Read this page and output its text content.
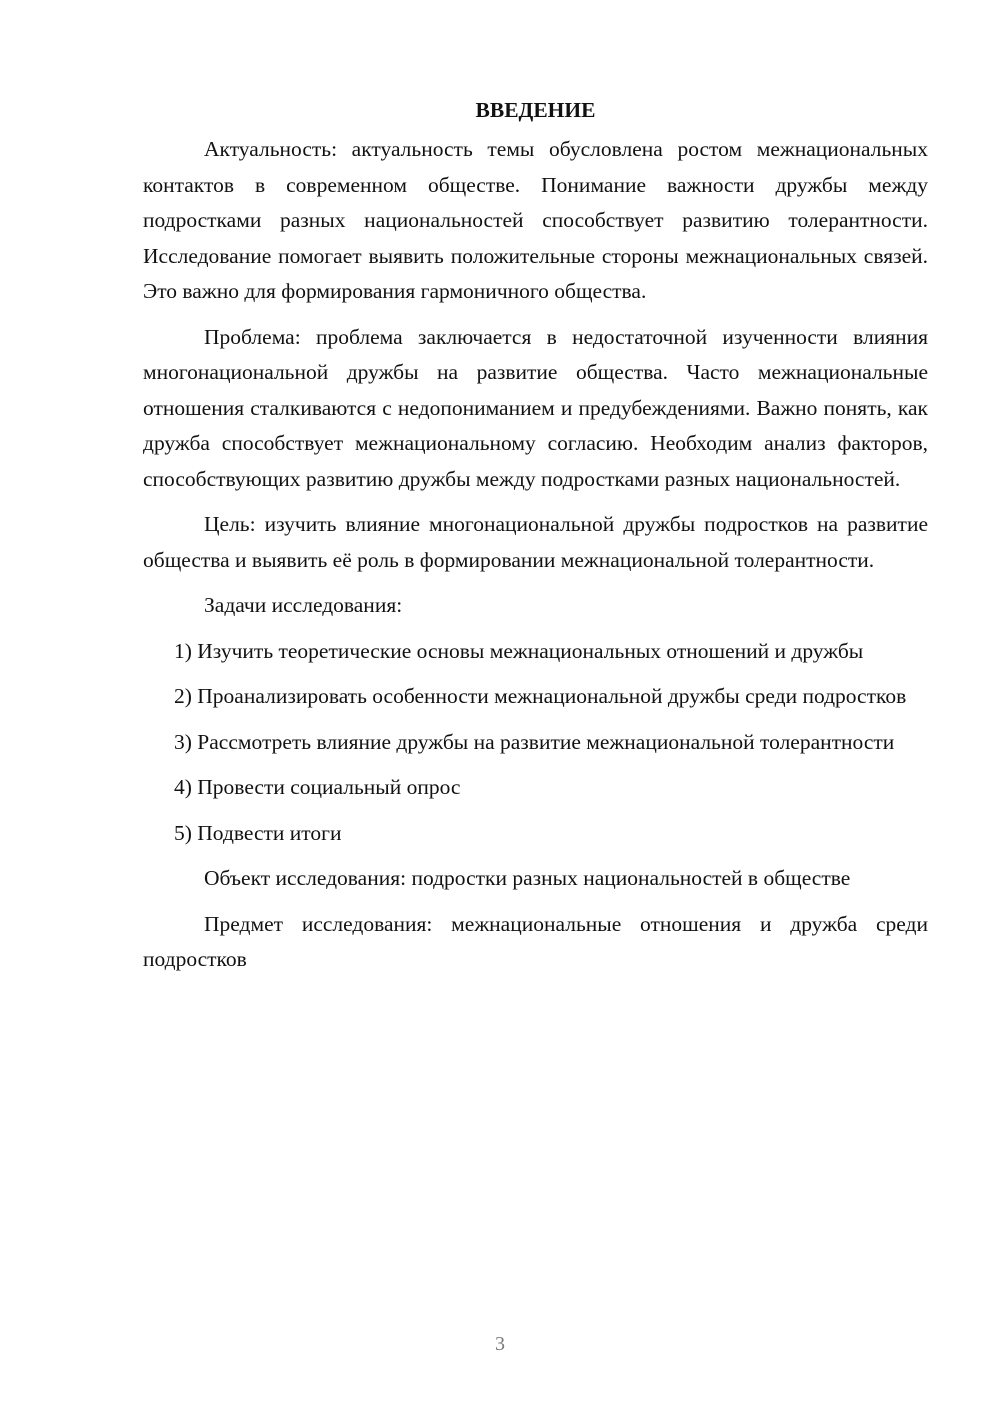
ВВЕДЕНИЕ

Актуальность: актуальность темы обусловлена ростом межнациональных контактов в современном обществе. Понимание важности дружбы между подростками разных национальностей способствует развитию толерантности. Исследование помогает выявить положительные стороны межнациональных связей. Это важно для формирования гармоничного общества.

Проблема: проблема заключается в недостаточной изученности влияния многонациональной дружбы на развитие общества. Часто межнациональные отношения сталкиваются с недопониманием и предубеждениями. Важно понять, как дружба способствует межнациональному согласию. Необходим анализ факторов, способствующих развитию дружбы между подростками разных национальностей.

Цель: изучить влияние многонациональной дружбы подростков на развитие общества и выявить её роль в формировании межнациональной толерантности.

Задачи исследования:

1) Изучить теоретические основы межнациональных отношений и дружбы

2) Проанализировать особенности межнациональной дружбы среди подростков

3) Рассмотреть влияние дружбы на развитие межнациональной толерантности

4) Провести социальный опрос

5) Подвести итоги

Объект исследования: подростки разных национальностей в обществе

Предмет исследования: межнациональные отношения и дружба среди подростков

3
